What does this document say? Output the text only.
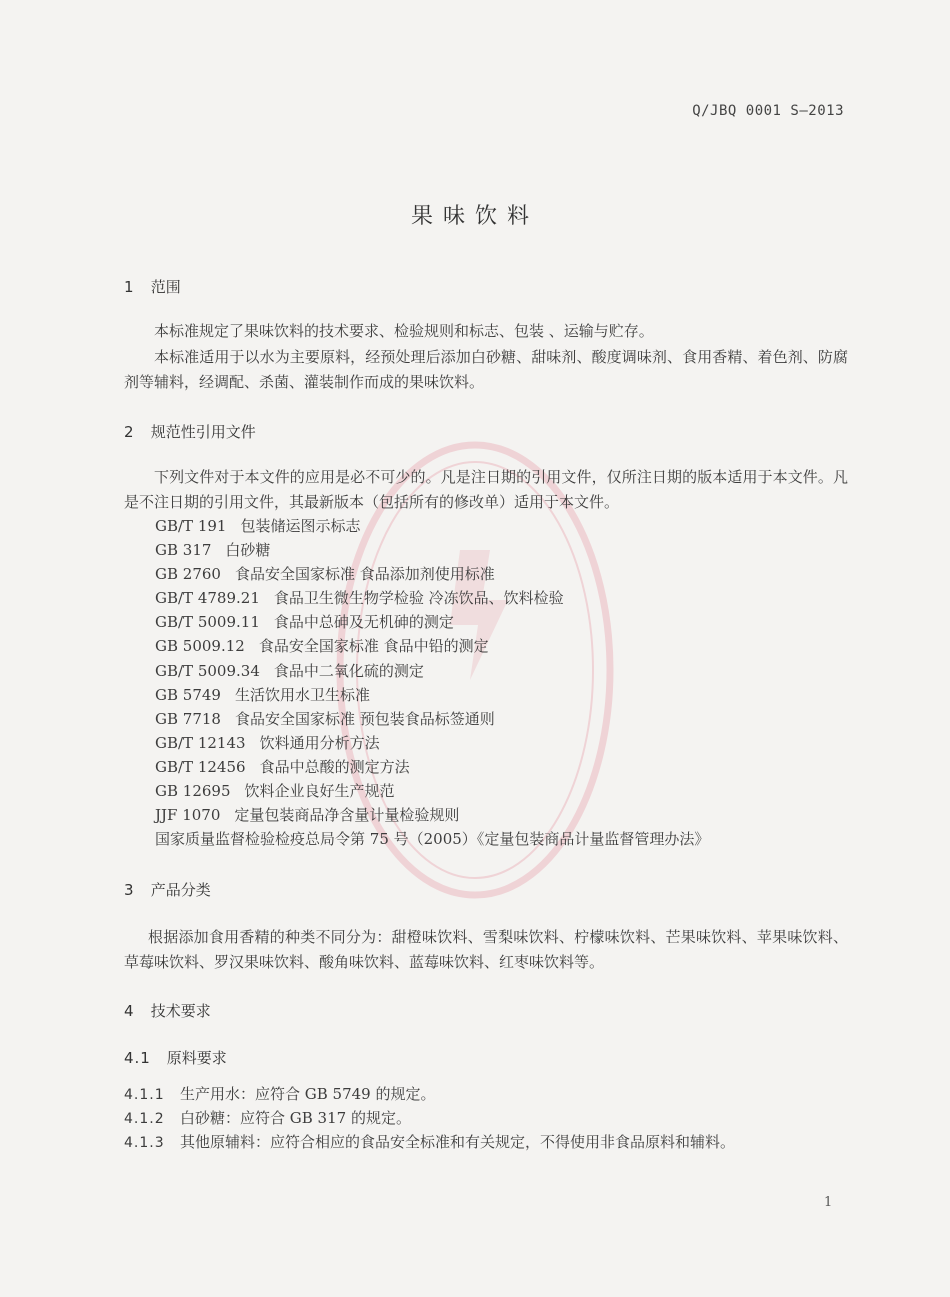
Q/JBQ 0001 S—2013
果味饮料
1 范围
本标准规定了果味饮料的技术要求、检验规则和标志、包装 、运输与贮存。
本标准适用于以水为主要原料，经预处理后添加白砂糖、甜味剂、酸度调味剂、食用香精、着色剂、防腐剂等辅料，经调配、杀菌、灌装制作而成的果味饮料。
2 规范性引用文件
下列文件对于本文件的应用是必不可少的。凡是注日期的引用文件，仅所注日期的版本适用于本文件。凡是不注日期的引用文件，其最新版本（包括所有的修改单）适用于本文件。
GB/T 191 包装储运图示标志
GB 317 白砂糖
GB 2760 食品安全国家标准 食品添加剂使用标准
GB/T 4789.21 食品卫生微生物学检验 冷冻饮品、饮料检验
GB/T 5009.11 食品中总砷及无机砷的测定
GB 5009.12 食品安全国家标准 食品中铅的测定
GB/T 5009.34 食品中二氧化硫的测定
GB 5749 生活饮用水卫生标准
GB 7718 食品安全国家标准 预包装食品标签通则
GB/T 12143 饮料通用分析方法
GB/T 12456 食品中总酸的测定方法
GB 12695 饮料企业良好生产规范
JJF 1070 定量包装商品净含量计量检验规则
国家质量监督检验检疫总局令第 75 号（2005）《定量包装商品计量监督管理办法》
3 产品分类
根据添加食用香精的种类不同分为：甜橙味饮料、雪梨味饮料、柠檬味饮料、芒果味饮料、苹果味饮料、草莓味饮料、罗汉果味饮料、酸角味饮料、蓝莓味饮料、红枣味饮料等。
4 技术要求
4.1 原料要求
4.1.1 生产用水：应符合 GB 5749 的规定。
4.1.2 白砂糖：应符合 GB 317 的规定。
4.1.3 其他原辅料：应符合相应的食品安全标准和有关规定，不得使用非食品原料和辅料。
1
